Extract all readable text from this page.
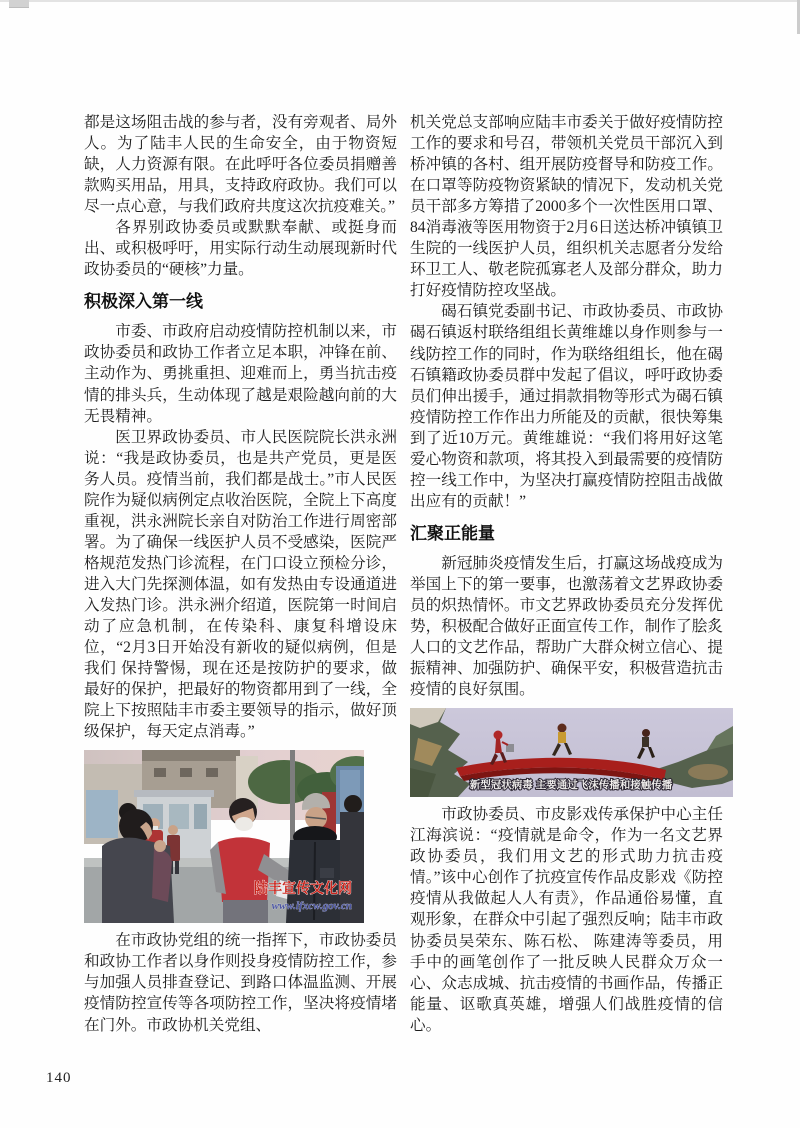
都是这场阻击战的参与者，没有旁观者、局外人。为了陆丰人民的生命安全，由于物资短缺，人力资源有限。在此呼吁各位委员捐赠善款购买用品，用具，支持政府政协。我们可以尽一点心意，与我们政府共度这次抗疫难关。”

各界别政协委员或默默奉献、或挺身而出、或积极呼吁，用实际行动生动展现新时代政协委员的“硬核”力量。

积极深入第一线

市委、市政府启动疫情防控机制以来，市政协委员和政协工作者立足本职，冲锋在前、主动作为、勇挑重担、迎难而上，勇当抗击疫情的排头兵，生动体现了越是艰险越向前的大无畏精神。

医卫界政协委员、市人民医院院长洪永洲说：“我是政协委员，也是共产党员，更是医务人员。疫情当前，我们都是战士。”市人民医院作为疑似病例定点收治医院，全院上下高度重视，洪永洲院长亲自对防治工作进行周密部署。为了确保一线医护人员不受感染，医院严格规范发热门诊流程，在门口设立预检分诊，进入大门先探测体温，如有发热由专设通道进入发热门诊。洪永洲介绍道，医院第一时间启动了应急机制，在传染科、康复科增设床位，“2月3日开始没有新收的疑似病例，但是我们 保持警惕，现在还是按防护的要求，做最好的保护，把最好的物资都用到了一线，全院上下按照陆丰市委主要领导的指示，做好顶级保护，每天定点消毒。”

陆丰宣传文化网
www.lfxcw.gov.cn

在市政协党组的统一指挥下，市政协委员和政协工作者以身作则投身疫情防控工作，参与加强人员排查登记、到路口体温监测、开展疫情防控宣传等各项防控工作，坚决将疫情堵在门外。市政协机关党组、

机关党总支部响应陆丰市委关于做好疫情防控工作的要求和号召，带领机关党员干部沉入到桥冲镇的各村、组开展防疫督导和防疫工作。在口罩等防疫物资紧缺的情况下，发动机关党员干部多方筹措了2000多个一次性医用口罩、84消毒液等医用物资于2月6日送达桥冲镇镇卫生院的一线医护人员，组织机关志愿者分发给环卫工人、敬老院孤寡老人及部分群众，助力打好疫情防控攻坚战。

碣石镇党委副书记、市政协委员、市政协碣石镇返村联络组组长黄维雄以身作则参与一线防控工作的同时，作为联络组组长，他在碣石镇籍政协委员群中发起了倡议，呼吁政协委员们伸出援手，通过捐款捐物等形式为碣石镇疫情防控工作作出力所能及的贡献，很快筹集到了近10万元。黄维雄说：“我们将用好这笔爱心物资和款项，将其投入到最需要的疫情防控一线工作中，为坚决打赢疫情防控阻击战做出应有的贡献！”

汇聚正能量

新冠肺炎疫情发生后，打赢这场战疫成为举国上下的第一要事，也激荡着文艺界政协委员的炽热情怀。市文艺界政协委员充分发挥优势，积极配合做好正面宣传工作，制作了脍炙人口的文艺作品，帮助广大群众树立信心、提振精神、加强防护、确保平安，积极营造抗击疫情的良好氛围。

新型冠状病毒 主要通过飞沫传播和接触传播

市政协委员、市皮影戏传承保护中心主任江海滨说：“疫情就是命令，作为一名文艺界政协委员，我们用文艺的形式助力抗击疫情。”该中心创作了抗疫宣传作品皮影戏《防控疫情从我做起人人有责》，作品通俗易懂，直观形象，在群众中引起了强烈反响；陆丰市政协委员吴荣东、陈石松、 陈建涛等委员，用手中的画笔创作了一批反映人民群众万众一心、众志成城、抗击疫情的书画作品，传播正能量、讴歌真英雄，增强人们战胜疫情的信心。

140
